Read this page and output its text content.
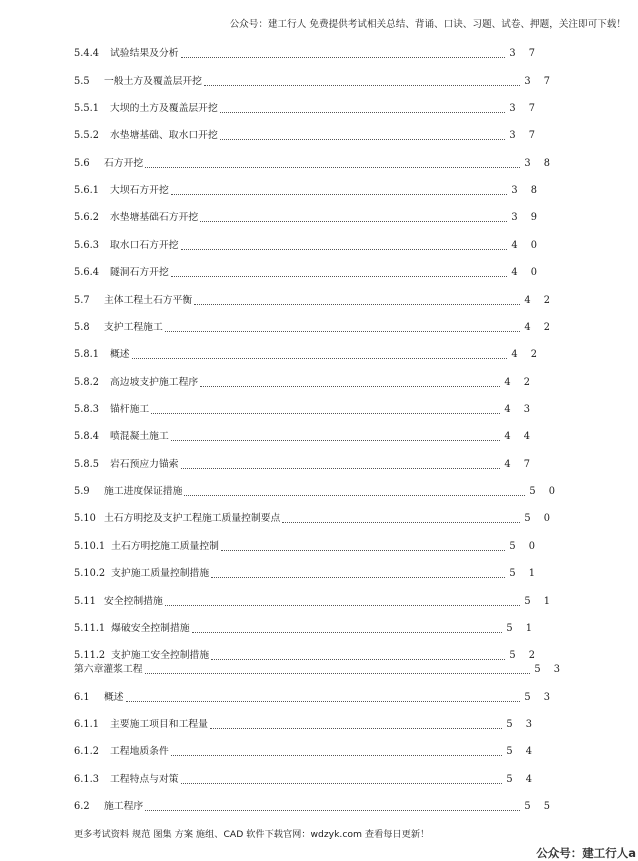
公众号：建工行人 免费提供考试相关总结、背诵、口诀、习题、试卷、押题，关注即可下载！
5.4.4	试验结果及分析	3 7
5.5	一般土方及覆盖层开挖	3 7
5.5.1	大坝的土方及覆盖层开挖	3 7
5.5.2	水垫塘基础、取水口开挖	3 7
5.6	石方开挖	3 8
5.6.1	大坝石方开挖	3 8
5.6.2	水垫塘基础石方开挖	3 9
5.6.3	取水口石方开挖	4 0
5.6.4	隧洞石方开挖	4 0
5.7	主体工程土石方平衡	4 2
5.8	支护工程施工	4 2
5.8.1	概述	4 2
5.8.2	高边坡支护施工程序	4 2
5.8.3	锚杆施工	4 3
5.8.4	喷混凝土施工	4 4
5.8.5	岩石预应力锚索	4 7
5.9	施工进度保证措施	5 0
5.10 土石方明挖及支护工程施工质量控制要点	5 0
5.10.1 土石方明挖施工质量控制	5 0
5.10.2 支护施工质量控制措施	5 1
5.11 安全控制措施	5 1
5.11.1 爆破安全控制措施	5 1
5.11.2 支护施工安全控制措施	5 2
第六章灌浆工程	5 3
6.1	概述	5 3
6.1.1	主要施工项目和工程量	5 3
6.1.2	工程地质条件	5 4
6.1.3	工程特点与对策	5 4
6.2	施工程序	5 5
更多考试资料 规范 图集 方案 施组、CAD 软件下载官网：wdzyk.com 查看每日更新！
公众号：建工行人a
